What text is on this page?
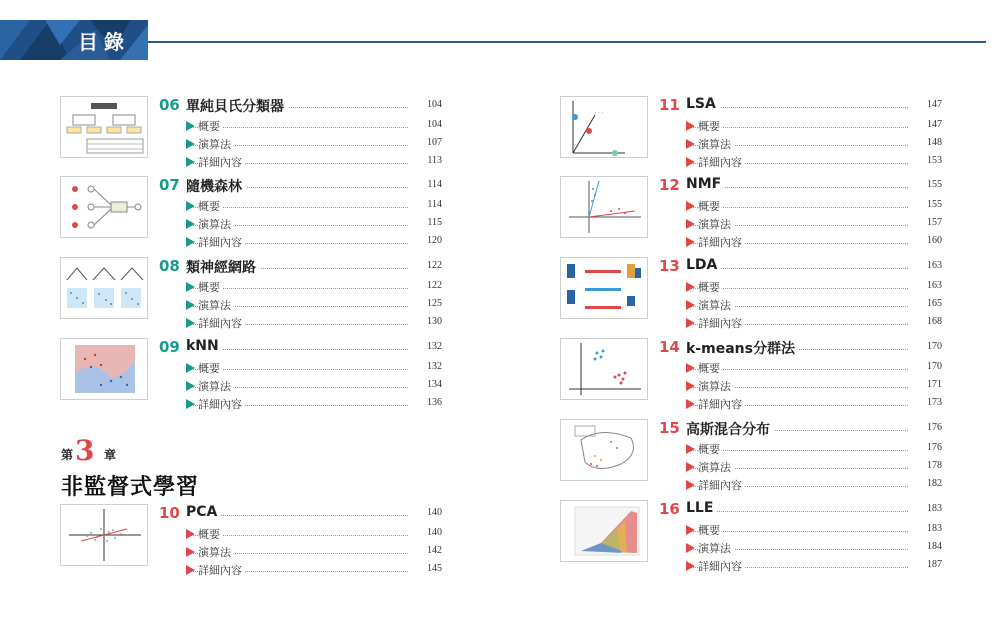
目錄
第 3 章
非監督式學習
06 單純貝氏分類器	104
概要	104
演算法	107
詳細內容	113
07 隨機森林	114
概要	114
演算法	115
詳細內容	120
08 類神經網路	122
概要	122
演算法	125
詳細內容	130
09 kNN	132
概要	132
演算法	134
詳細內容	136
10 PCA	140
概要	140
演算法	142
詳細內容	145
. . .	11 LSA	147
概要	147
演算法	148
詳細內容	153
12 NMF	155
概要	155
演算法	157
詳細內容	160
13 LDA	163
概要	163
演算法	165
詳細內容	168
14 k-means分群法	170
概要	170
演算法	171
詳細內容	173
15 高斯混合分布	176
概要	176
演算法	178
詳細內容	182
16 LLE	183
概要	183
演算法	184
詳細內容	187
